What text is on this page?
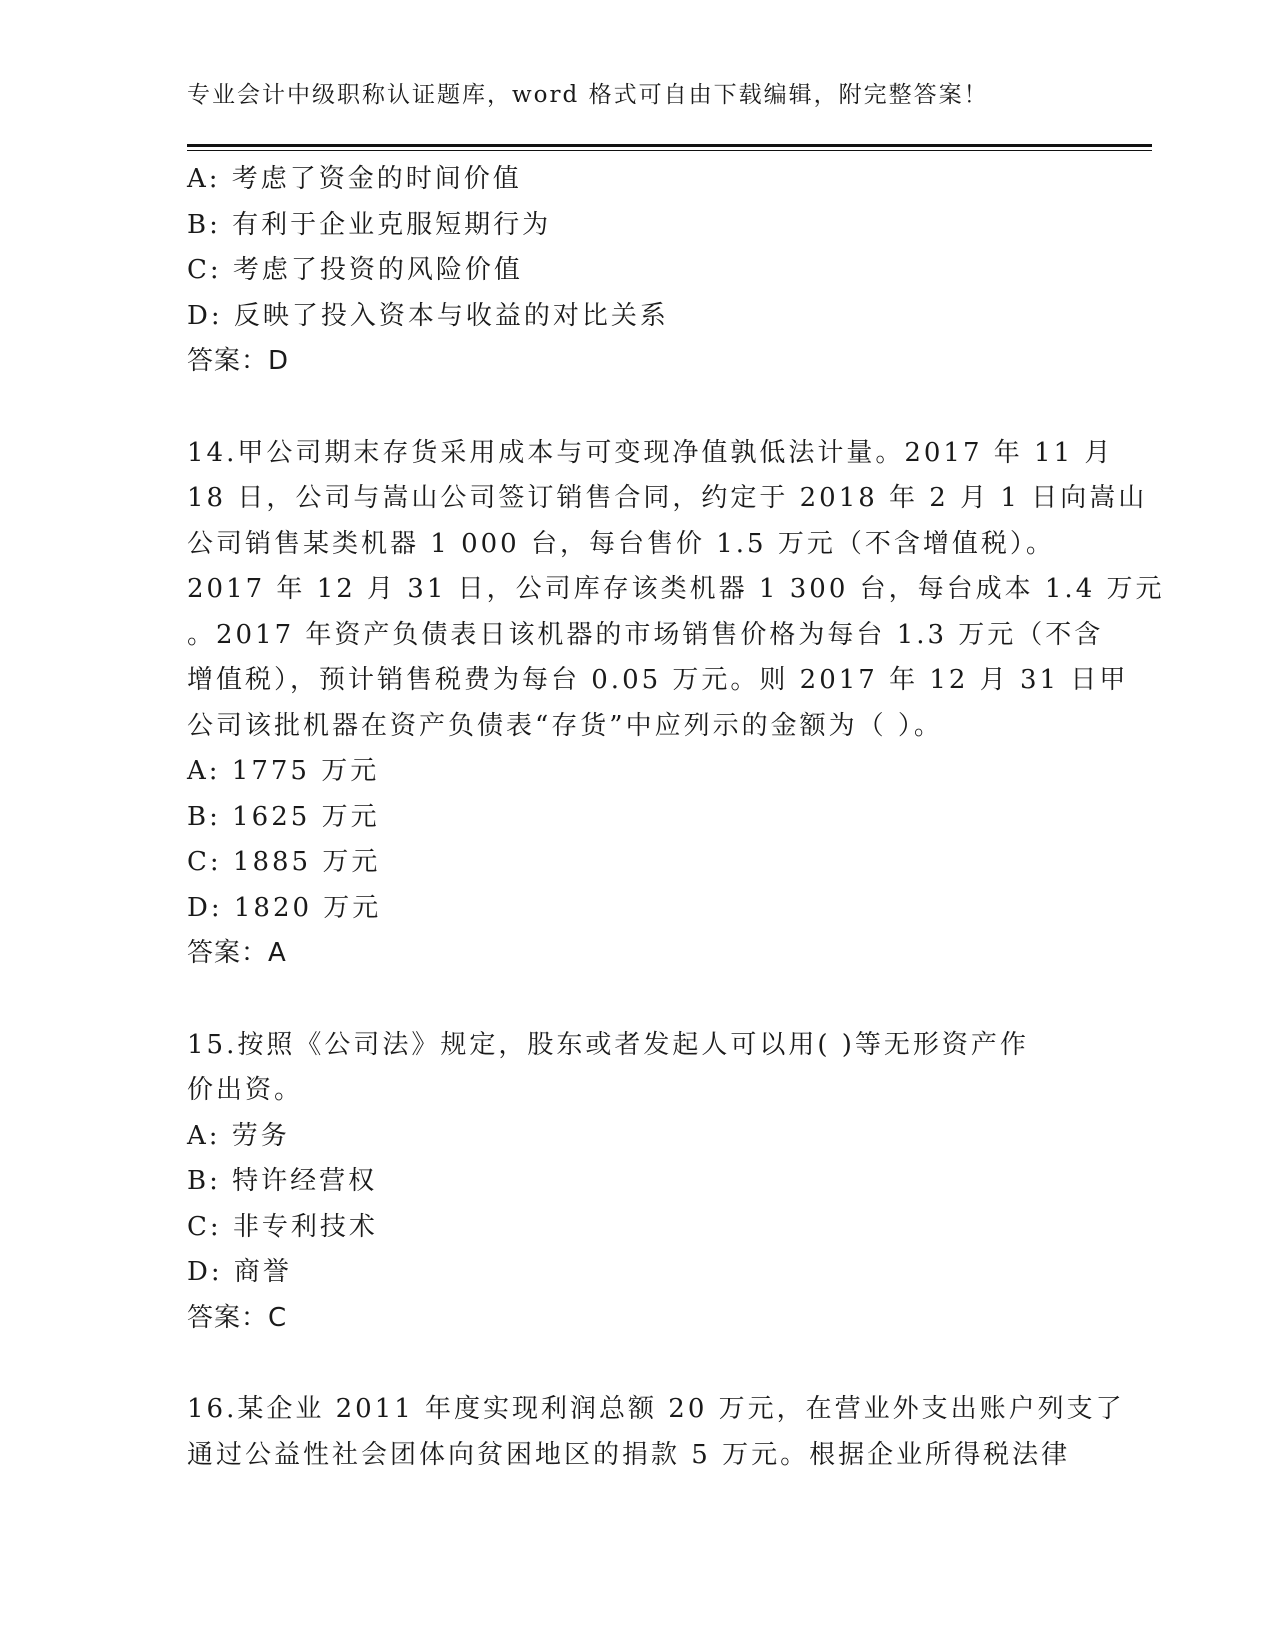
专业会计中级职称认证题库，word 格式可自由下载编辑，附完整答案！
A: 考虑了资金的时间价值
B: 有利于企业克服短期行为
C: 考虑了投资的风险价值
D: 反映了投入资本与收益的对比关系
答案：D
14.甲公司期末存货采用成本与可变现净值孰低法计量。2017 年 11 月
18 日，公司与嵩山公司签订销售合同，约定于 2018 年 2 月 1 日向嵩山
公司销售某类机器 1 000 台，每台售价 1.5 万元（不含增值税）。
2017 年 12 月 31 日，公司库存该类机器 1 300 台，每台成本 1.4 万元
。2017 年资产负债表日该机器的市场销售价格为每台 1.3 万元（不含
增值税），预计销售税费为每台 0.05 万元。则 2017 年 12 月 31 日甲
公司该批机器在资产负债表“存货”中应列示的金额为（ ）。
A: 1775 万元
B: 1625 万元
C: 1885 万元
D: 1820 万元
答案：A
15.按照《公司法》规定，股东或者发起人可以用( )等无形资产作
价出资。
A: 劳务
B: 特许经营权
C: 非专利技术
D: 商誉
答案：C
16.某企业 2011 年度实现利润总额 20 万元，在营业外支出账户列支了
通过公益性社会团体向贫困地区的捐款 5 万元。根据企业所得税法律
